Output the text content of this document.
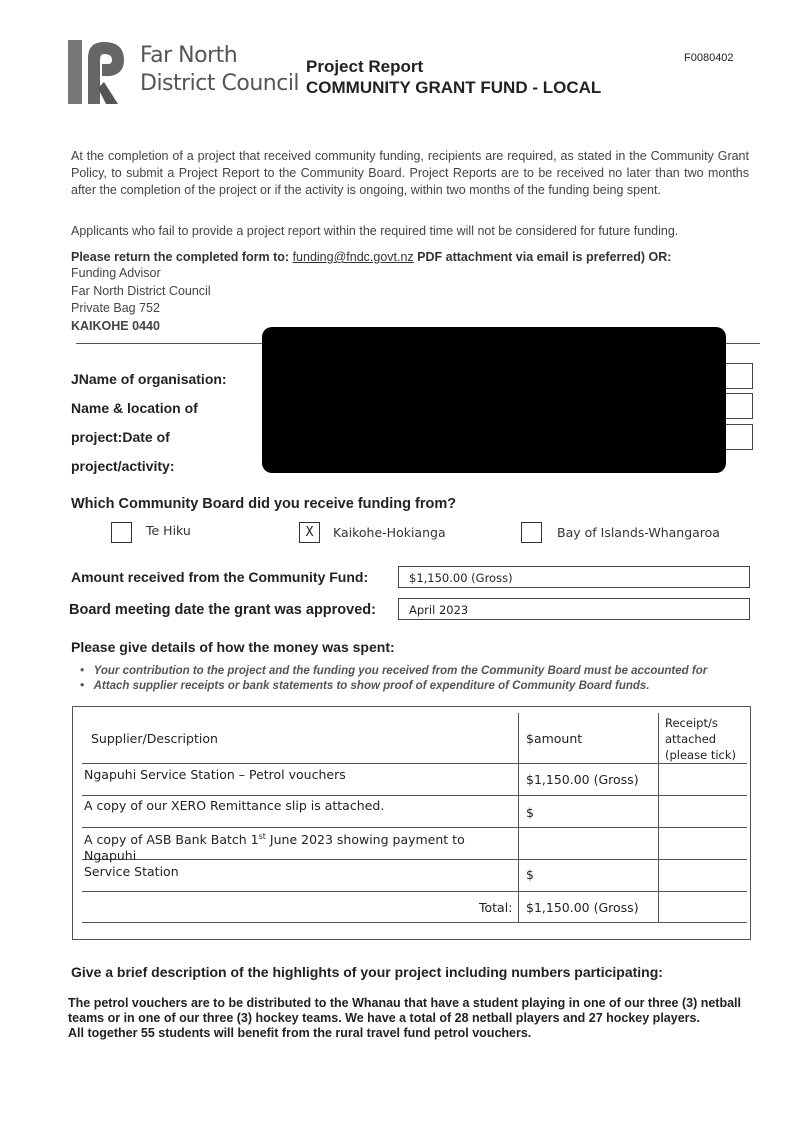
Far North
District Council
Project Report
COMMUNITY GRANT FUND - LOCAL
F0080402
At the completion of a project that received community funding, recipients are required, as stated in the Community Grant Policy, to submit a Project Report to the Community Board. Project Reports are to be received no later than two months after the completion of the project or if the activity is ongoing, within two months of the funding being spent.
Applicants who fail to provide a project report within the required time will not be considered for future funding.
Please return the completed form to: funding@fndc.govt.nz PDF attachment via email is preferred) OR:
Funding Advisor
Far North District Council
Private Bag 752
KAIKOHE 0440
JName of organisation:
Name & location of
project:Date of
project/activity:
Which Community Board did you receive funding from?
Te Hiku	X	Kaikohe-Hokianga	Bay of Islands-Whangaroa
Amount received from the Community Fund:	$1,150.00 (Gross)
Board meeting date the grant was approved:	April 2023
Please give details of how the money was spent:
•   Your contribution to the project and the funding you received from the Community Board must be accounted for
•   Attach supplier receipts or bank statements to show proof of expenditure of Community Board funds.
Supplier/Description	$amount
Receipt/s
attached
(please tick)
Ngapuhi Service Station – Petrol vouchers	$1,150.00 (Gross)
A copy of our XERO Remittance slip is attached.	$
A copy of ASB Bank Batch 1st June 2023 showing payment to Ngapuhi
Service Station	$
Total: $1,150.00 (Gross)
Give a brief description of the highlights of your project including numbers participating:
The petrol vouchers are to be distributed to the Whanau that have a student playing in one of our three (3) netball
teams or in one of our three (3) hockey teams. We have a total of 28 netball players and 27 hockey players.
All together 55 students will benefit from the rural travel fund petrol vouchers.
